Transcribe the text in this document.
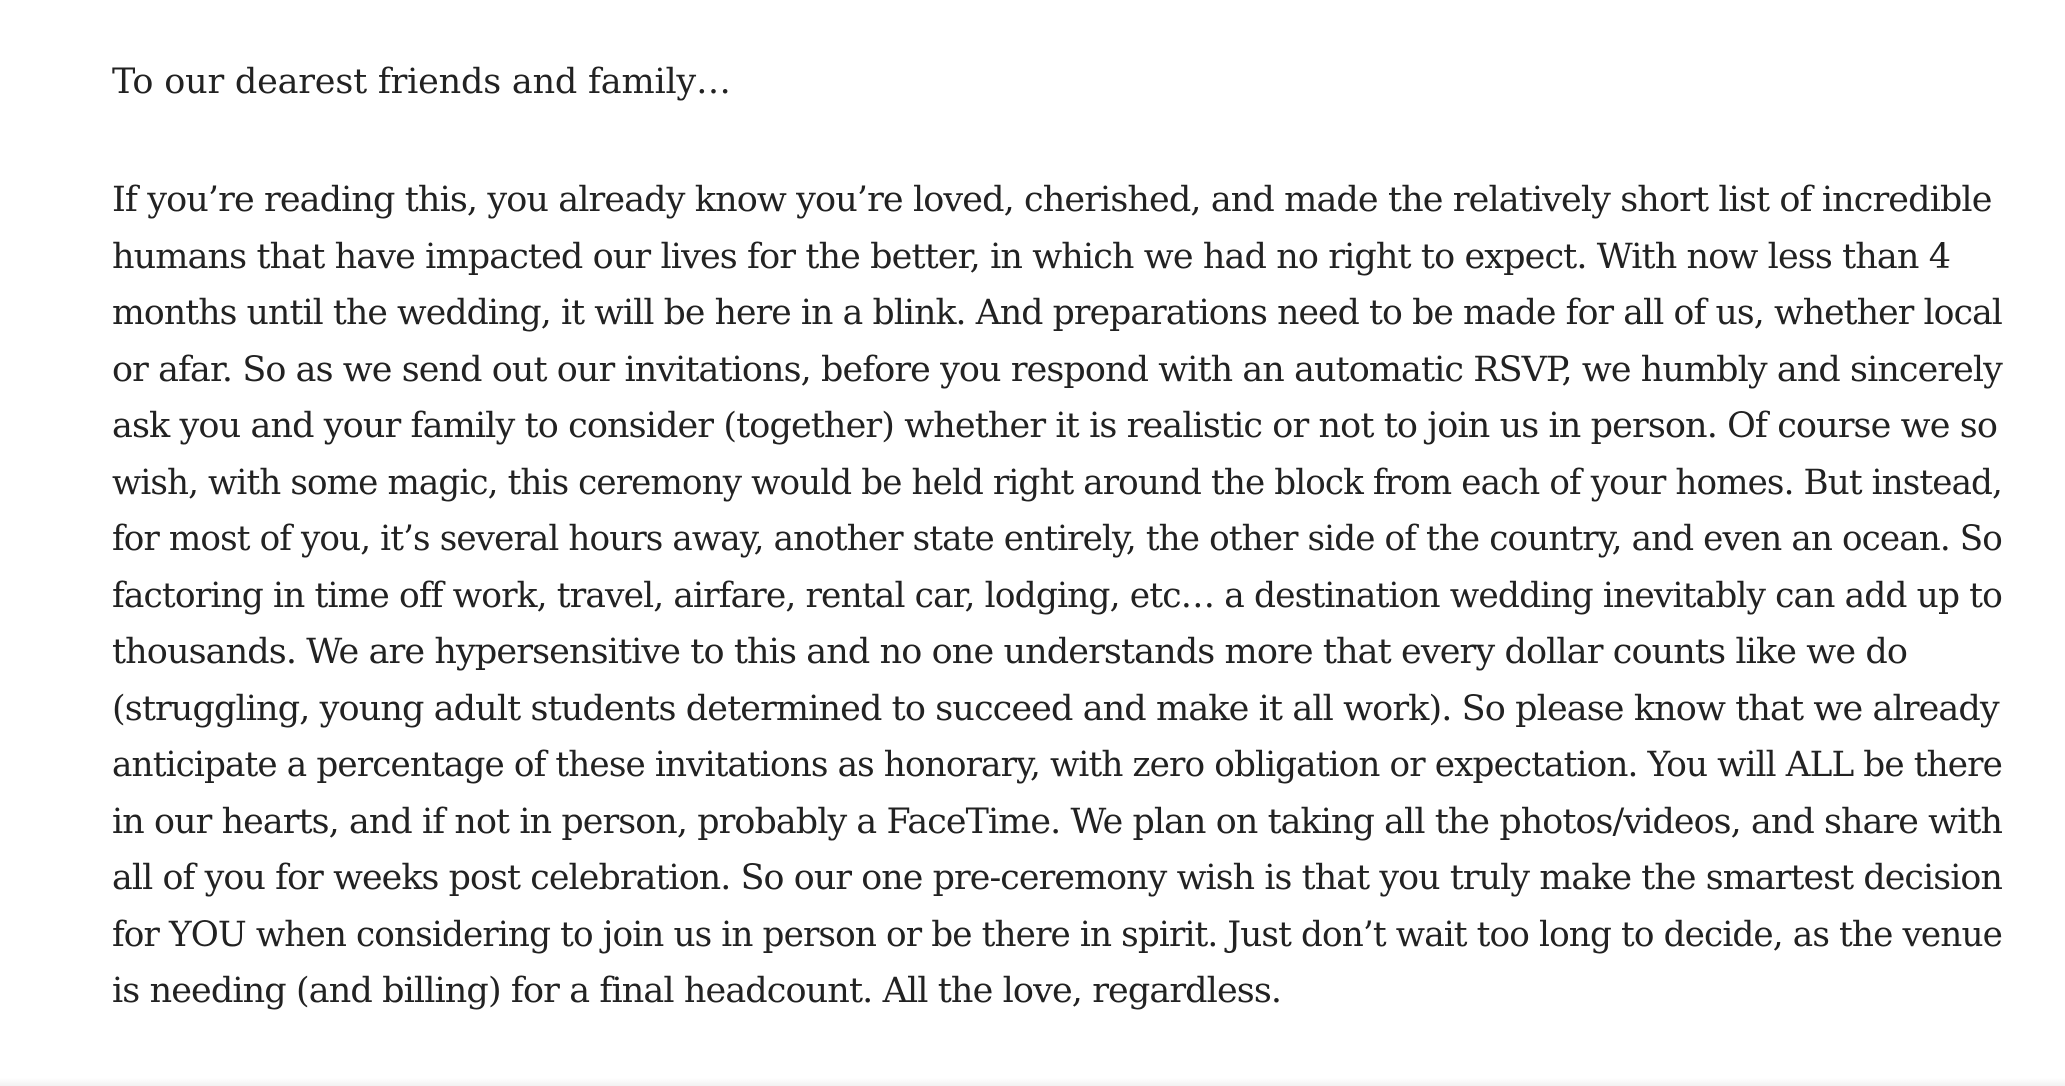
To our dearest friends and family…

If you’re reading this, you already know you’re loved, cherished, and made the relatively short list of incredible
humans that have impacted our lives for the better, in which we had no right to expect. With now less than 4
months until the wedding, it will be here in a blink. And preparations need to be made for all of us, whether local
or afar. So as we send out our invitations, before you respond with an automatic RSVP, we humbly and sincerely
ask you and your family to consider (together) whether it is realistic or not to join us in person. Of course we so
wish, with some magic, this ceremony would be held right around the block from each of your homes. But instead,
for most of you, it’s several hours away, another state entirely, the other side of the country, and even an ocean. So
factoring in time off work, travel, airfare, rental car, lodging, etc… a destination wedding inevitably can add up to
thousands. We are hypersensitive to this and no one understands more that every dollar counts like we do
(struggling, young adult students determined to succeed and make it all work). So please know that we already
anticipate a percentage of these invitations as honorary, with zero obligation or expectation. You will ALL be there
in our hearts, and if not in person, probably a FaceTime. We plan on taking all the photos/videos, and share with
all of you for weeks post celebration. So our one pre-ceremony wish is that you truly make the smartest decision
for YOU when considering to join us in person or be there in spirit. Just don’t wait too long to decide, as the venue
is needing (and billing) for a final headcount. All the love, regardless.
